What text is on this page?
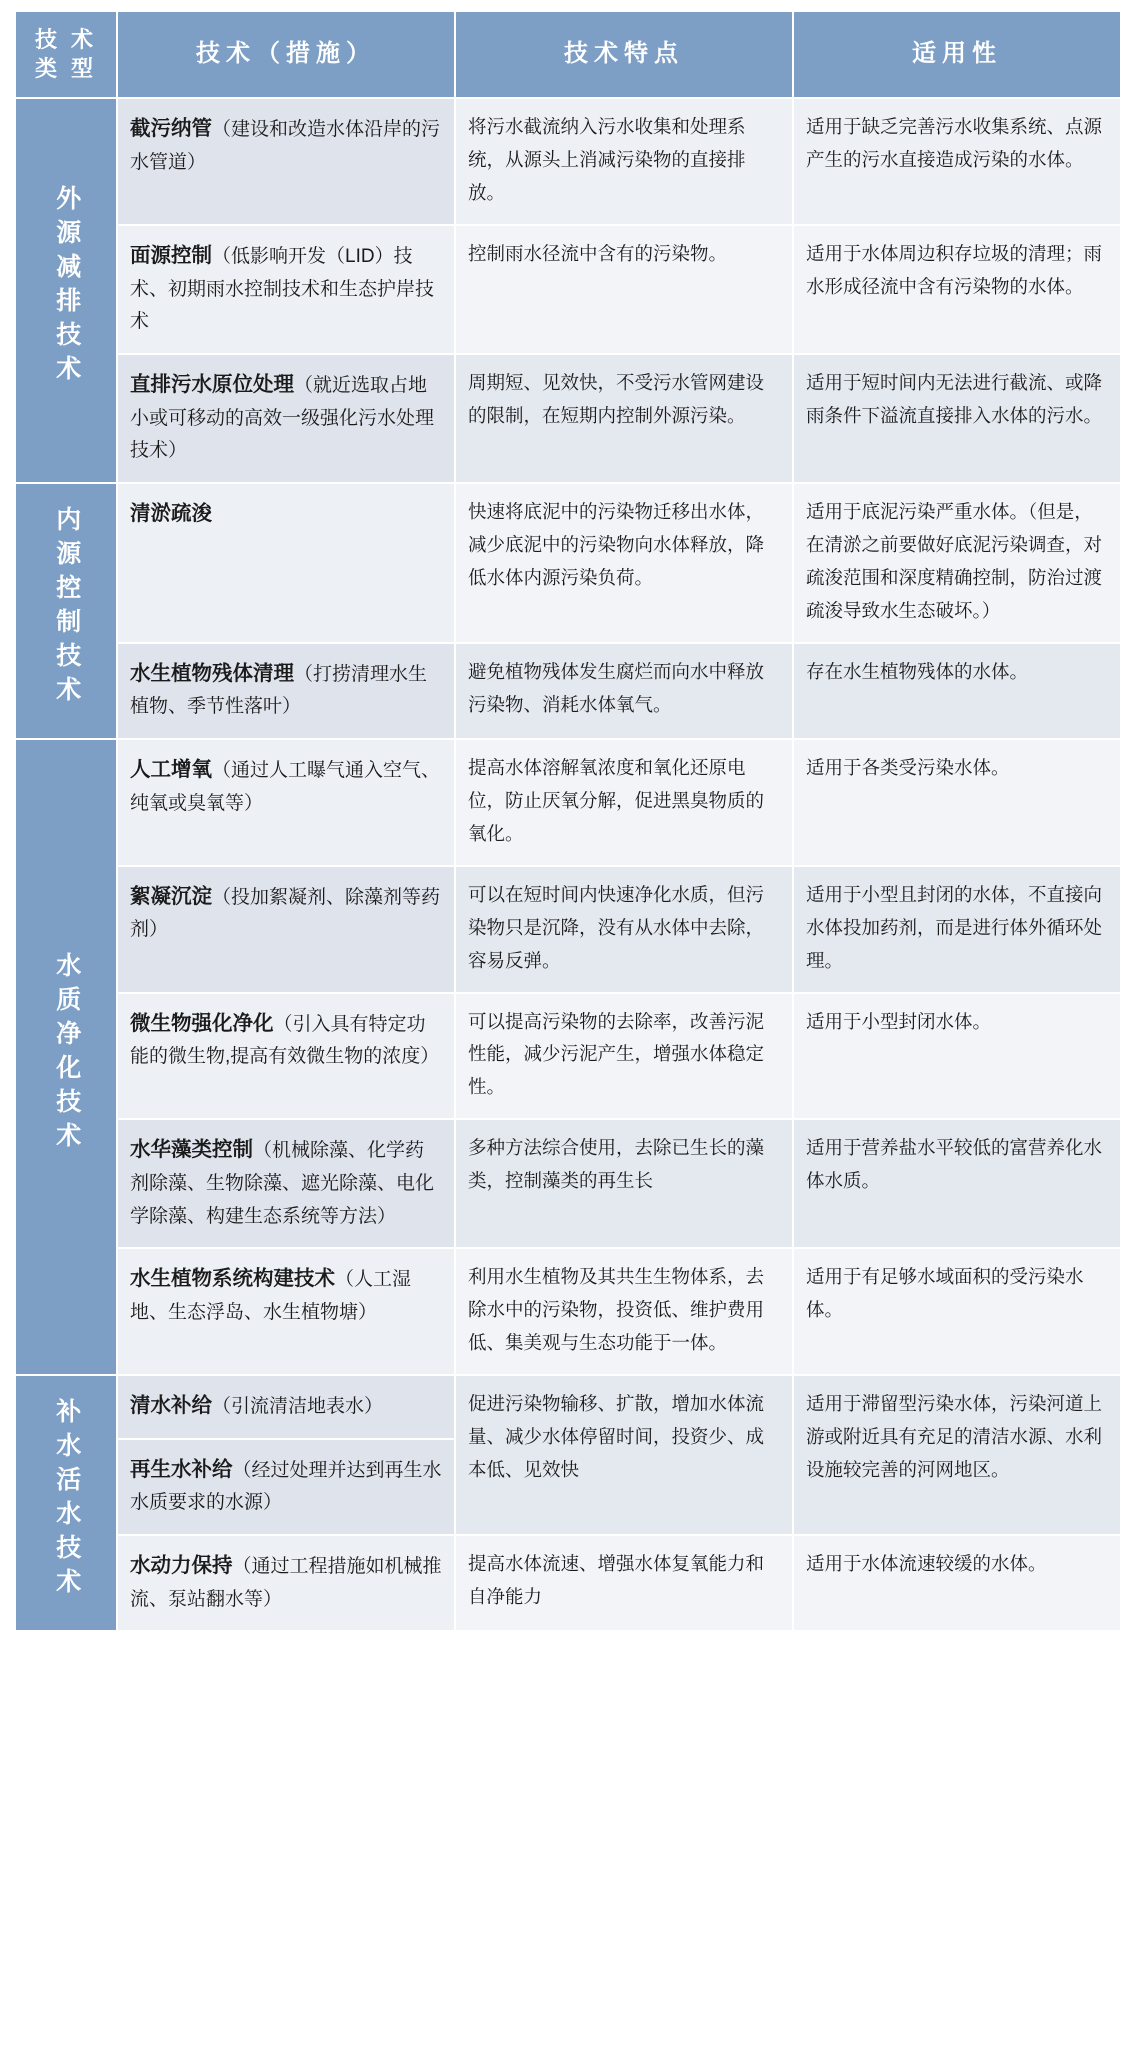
技 术
类 型	技术（措施）	技术特点	适用性
外源减排技术	截污纳管（建设和改造水体沿岸的污水管道）	将污水截流纳入污水收集和处理系统，从源头上消减污染物的直接排放。	适用于缺乏完善污水收集系统、点源产生的污水直接造成污染的水体。
	面源控制（低影响开发（LID）技术、初期雨水控制技术和生态护岸技术	控制雨水径流中含有的污染物。	适用于水体周边积存垃圾的清理；雨水形成径流中含有污染物的水体。
	直排污水原位处理（就近选取占地小或可移动的高效一级强化污水处理技术）	周期短、见效快，不受污水管网建设的限制，在短期内控制外源污染。	适用于短时间内无法进行截流、或降雨条件下溢流直接排入水体的污水。
内源控制技术	清淤疏浚	快速将底泥中的污染物迁移出水体，减少底泥中的污染物向水体释放，降低水体内源污染负荷。	适用于底泥污染严重水体。（但是，在清淤之前要做好底泥污染调查，对疏浚范围和深度精确控制，防治过渡疏浚导致水生态破坏。）
	水生植物残体清理（打捞清理水生植物、季节性落叶）	避免植物残体发生腐烂而向水中释放污染物、消耗水体氧气。	存在水生植物残体的水体。
水质净化技术	人工增氧（通过人工曝气通入空气、纯氧或臭氧等）	提高水体溶解氧浓度和氧化还原电位，防止厌氧分解，促进黑臭物质的氧化。	适用于各类受污染水体。
	絮凝沉淀（投加絮凝剂、除藻剂等药剂）	可以在短时间内快速净化水质，但污染物只是沉降，没有从水体中去除，容易反弹。	适用于小型且封闭的水体，不直接向水体投加药剂，而是进行体外循环处理。
	微生物强化净化（引入具有特定功能的微生物,提高有效微生物的浓度）	可以提高污染物的去除率，改善污泥性能，减少污泥产生，增强水体稳定性。	适用于小型封闭水体。
	水华藻类控制（机械除藻、化学药剂除藻、生物除藻、遮光除藻、电化学除藻、构建生态系统等方法）	多种方法综合使用，去除已生长的藻类，控制藻类的再生长	适用于营养盐水平较低的富营养化水体水质。
	水生植物系统构建技术（人工湿地、生态浮岛、水生植物塘）	利用水生植物及其共生生物体系，去除水中的污染物，投资低、维护费用低、集美观与生态功能于一体。	适用于有足够水域面积的受污染水体。
补水活水技术	清水补给（引流清洁地表水）	促进污染物输移、扩散，增加水体流量、减少水体停留时间，投资少、成本低、见效快	适用于滞留型污染水体，污染河道上游或附近具有充足的清洁水源、水利设施较完善的河网地区。
	再生水补给（经过处理并达到再生水水质要求的水源）		
	水动力保持（通过工程措施如机械推流、泵站翻水等）	提高水体流速、增强水体复氧能力和自净能力	适用于水体流速较缓的水体。
